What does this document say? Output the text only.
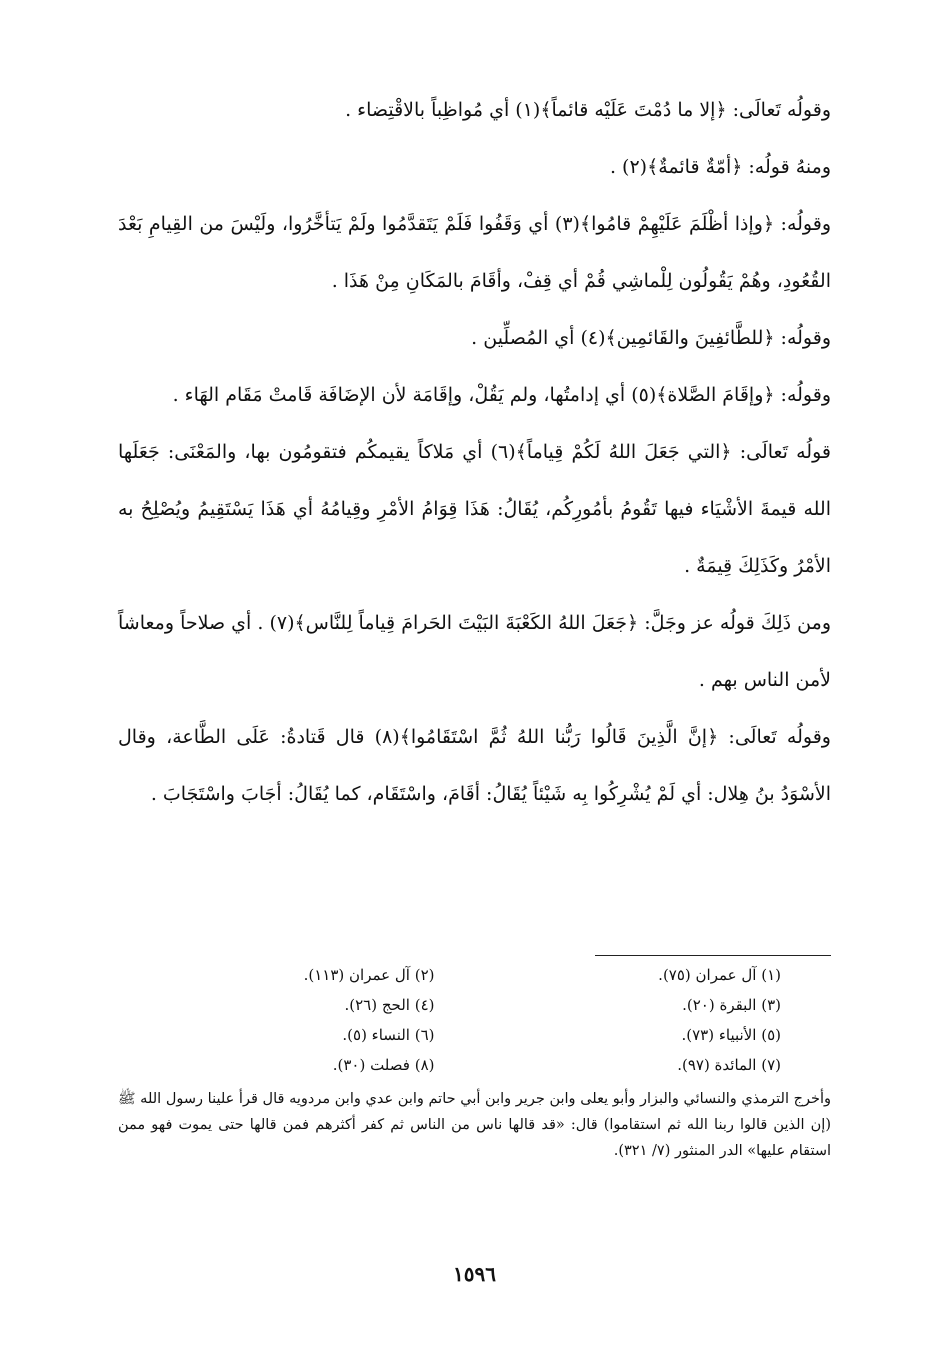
وقولُه تَعالَى: ﴿إلا ما دُمْتَ عَلَيْه قائماً﴾(١) أي مُواظِباً بالاقْتِضاء .

ومنهُ قولُه: ﴿أمّةٌ قائمةٌ﴾(٢) .

وقولُه: ﴿وإذا أظْلَمَ عَلَيْهِمْ قامُوا﴾(٣) أي وَقَفُوا فَلَمْ يَتَقدَّمُوا ولَمْ يَتأخَّرُوا، ولَيْسَ من القِيامِ بَعْدَ القُعُودِ، وهُمْ يَقُولُون لِلْماشِي قُمْ أي قِفْ، وأقَامَ بالمَكَانِ مِنْ هَذَا .

وقولُه: ﴿للطَّائفِينَ والقَائمِين﴾(٤) أي المُصلِّين .

وقولُه: ﴿وإقَامَ الصَّلاة﴾(٥) أي إدامتُها، ولم يَقُلْ، وإقَامَة لأن الإضَافَة قَامتْ مَقَام الهَاء .

قولُه تَعالَى: ﴿التي جَعَلَ اللهُ لَكُمْ قِياماً﴾(٦) أي مَلاكاً يقيمكُم فتقومُون بها، والمَعْنَى: جَعَلَها الله قيمةَ الأشْيَاء فيها تَقُومُ بأمُورِكُم، يُقَالُ: هَذَا قِوَامُ الأمْرِ وقِيامُهُ أي هَذَا يَسْتَقِيمُ ويُصْلِحُ به الأمْرُ وكَذَلِكَ قِيمَةٌ .

ومن ذَلِكَ قولُه عز وجَلَّ: ﴿جَعَلَ اللهُ الكَعْبَةَ البَيْتَ الحَرامَ قِياماً لِلنَّاس﴾(٧) . أي صلاحاً ومعاشاً لأمن الناس بهم .

وقولُه تَعالَى: ﴿إنَّ الَّذِينَ قَالُوا رَبُّنا اللهُ ثُمَّ اسْتَقَامُوا﴾(٨) قال قَتادةُ: عَلَى الطَّاعة، وقال الأسْوَدُ بنُ هِلال: أي لَمْ يُشْرِكُوا بِه شَيْئاً يُقَالُ: أقَامَ، واسْتَقَام، كما يُقَالُ: أجَابَ واسْتَجَابَ .

(١) آل عمران (٧٥).
(٢) آل عمران (١١٣).
(٣) البقرة (٢٠).
(٤) الحج (٢٦).
(٥) الأنبياء (٧٣).
(٦) النساء (٥).
(٧) المائدة (٩٧).
(٨) فصلت (٣٠).

وأخرج الترمذي والنسائي والبزار وأبو يعلى وابن جرير وابن أبي حاتم وابن عدي وابن مردويه قال قرأ علينا رسول الله ﷺ (إن الذين قالوا ربنا الله ثم استقاموا) قال: «قد قالها ناس من الناس ثم كفر أكثرهم فمن قالها حتى يموت فهو ممن استقام عليها» الدر المنثور (٧/ ٣٢١).

١٥٩٦
